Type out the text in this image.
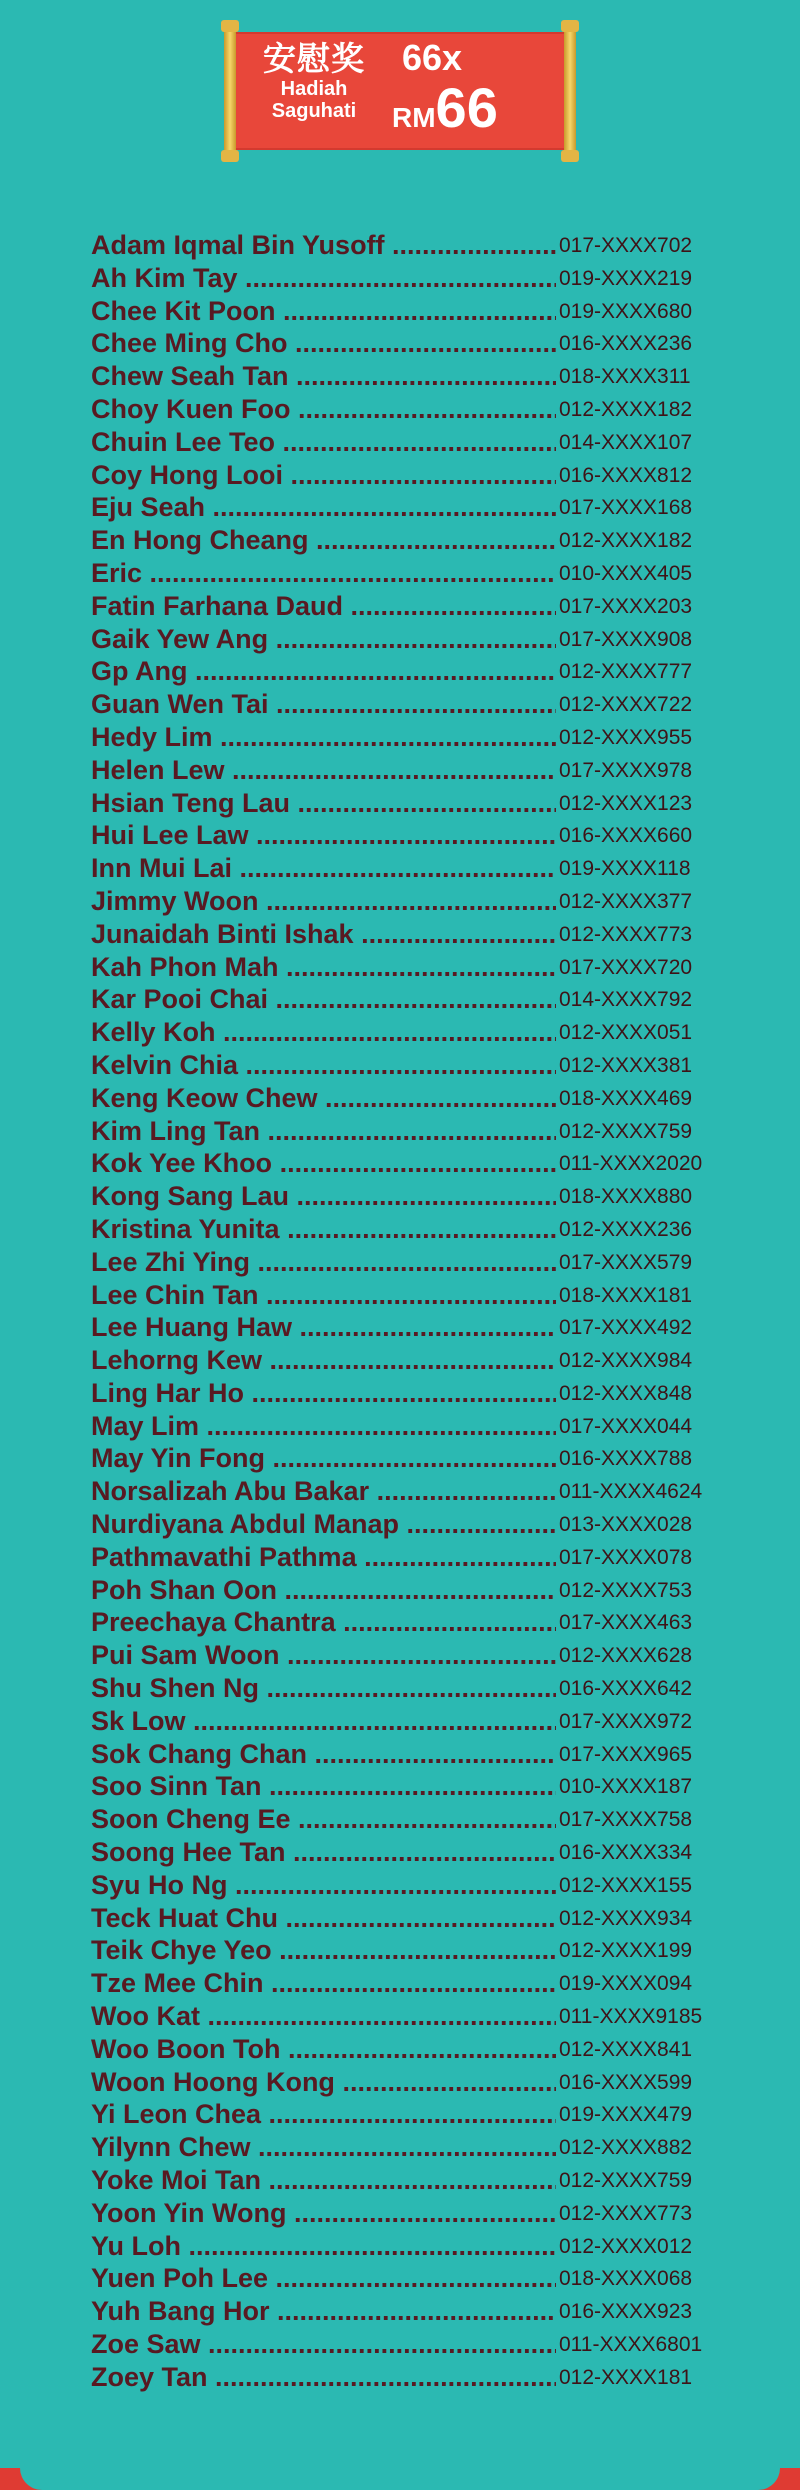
安慰奖
Hadiah
Saguhati
66x
RM66
Adam Iqmal Bin Yusoff .....	017-XXXX702
Ah Kim Tay .....	019-XXXX219
Chee Kit Poon .....	019-XXXX680
Chee Ming Cho .....	016-XXXX236
Chew Seah Tan .....	018-XXXX311
Choy Kuen Foo .....	012-XXXX182
Chuin Lee Teo .....	014-XXXX107
Coy Hong Looi .....	016-XXXX812
Eju Seah .....	017-XXXX168
En Hong Cheang .....	012-XXXX182
Eric .....	010-XXXX405
Fatin Farhana Daud .....	017-XXXX203
Gaik Yew Ang .....	017-XXXX908
Gp Ang .....	012-XXXX777
Guan Wen Tai .....	012-XXXX722
Hedy Lim .....	012-XXXX955
Helen Lew .....	017-XXXX978
Hsian Teng Lau .....	012-XXXX123
Hui Lee Law .....	016-XXXX660
Inn Mui Lai .....	019-XXXX118
Jimmy Woon .....	012-XXXX377
Junaidah Binti Ishak .....	012-XXXX773
Kah Phon Mah .....	017-XXXX720
Kar Pooi Chai .....	014-XXXX792
Kelly Koh .....	012-XXXX051
Kelvin Chia .....	012-XXXX381
Keng Keow Chew .....	018-XXXX469
Kim Ling Tan .....	012-XXXX759
Kok Yee Khoo .....	011-XXXX2020
Kong Sang Lau .....	018-XXXX880
Kristina Yunita .....	012-XXXX236
Lee Zhi Ying .....	017-XXXX579
Lee Chin Tan .....	018-XXXX181
Lee Huang Haw .....	017-XXXX492
Lehorng Kew .....	012-XXXX984
Ling Har Ho .....	012-XXXX848
May Lim .....	017-XXXX044
May Yin Fong .....	016-XXXX788
Norsalizah Abu Bakar .....	011-XXXX4624
Nurdiyana Abdul Manap .....	013-XXXX028
Pathmavathi Pathma .....	017-XXXX078
Poh Shan Oon .....	012-XXXX753
Preechaya Chantra .....	017-XXXX463
Pui Sam Woon .....	012-XXXX628
Shu Shen Ng .....	016-XXXX642
Sk Low .....	017-XXXX972
Sok Chang Chan .....	017-XXXX965
Soo Sinn Tan .....	010-XXXX187
Soon Cheng Ee .....	017-XXXX758
Soong Hee Tan .....	016-XXXX334
Syu Ho Ng .....	012-XXXX155
Teck Huat Chu .....	012-XXXX934
Teik Chye Yeo .....	012-XXXX199
Tze Mee Chin .....	019-XXXX094
Woo Kat .....	011-XXXX9185
Woo Boon Toh .....	012-XXXX841
Woon Hoong Kong .....	016-XXXX599
Yi Leon Chea .....	019-XXXX479
Yilynn Chew .....	012-XXXX882
Yoke Moi Tan .....	012-XXXX759
Yoon Yin Wong .....	012-XXXX773
Yu Loh .....	012-XXXX012
Yuen Poh Lee .....	018-XXXX068
Yuh Bang Hor .....	016-XXXX923
Zoe Saw .....	011-XXXX6801
Zoey Tan .....	012-XXXX181
